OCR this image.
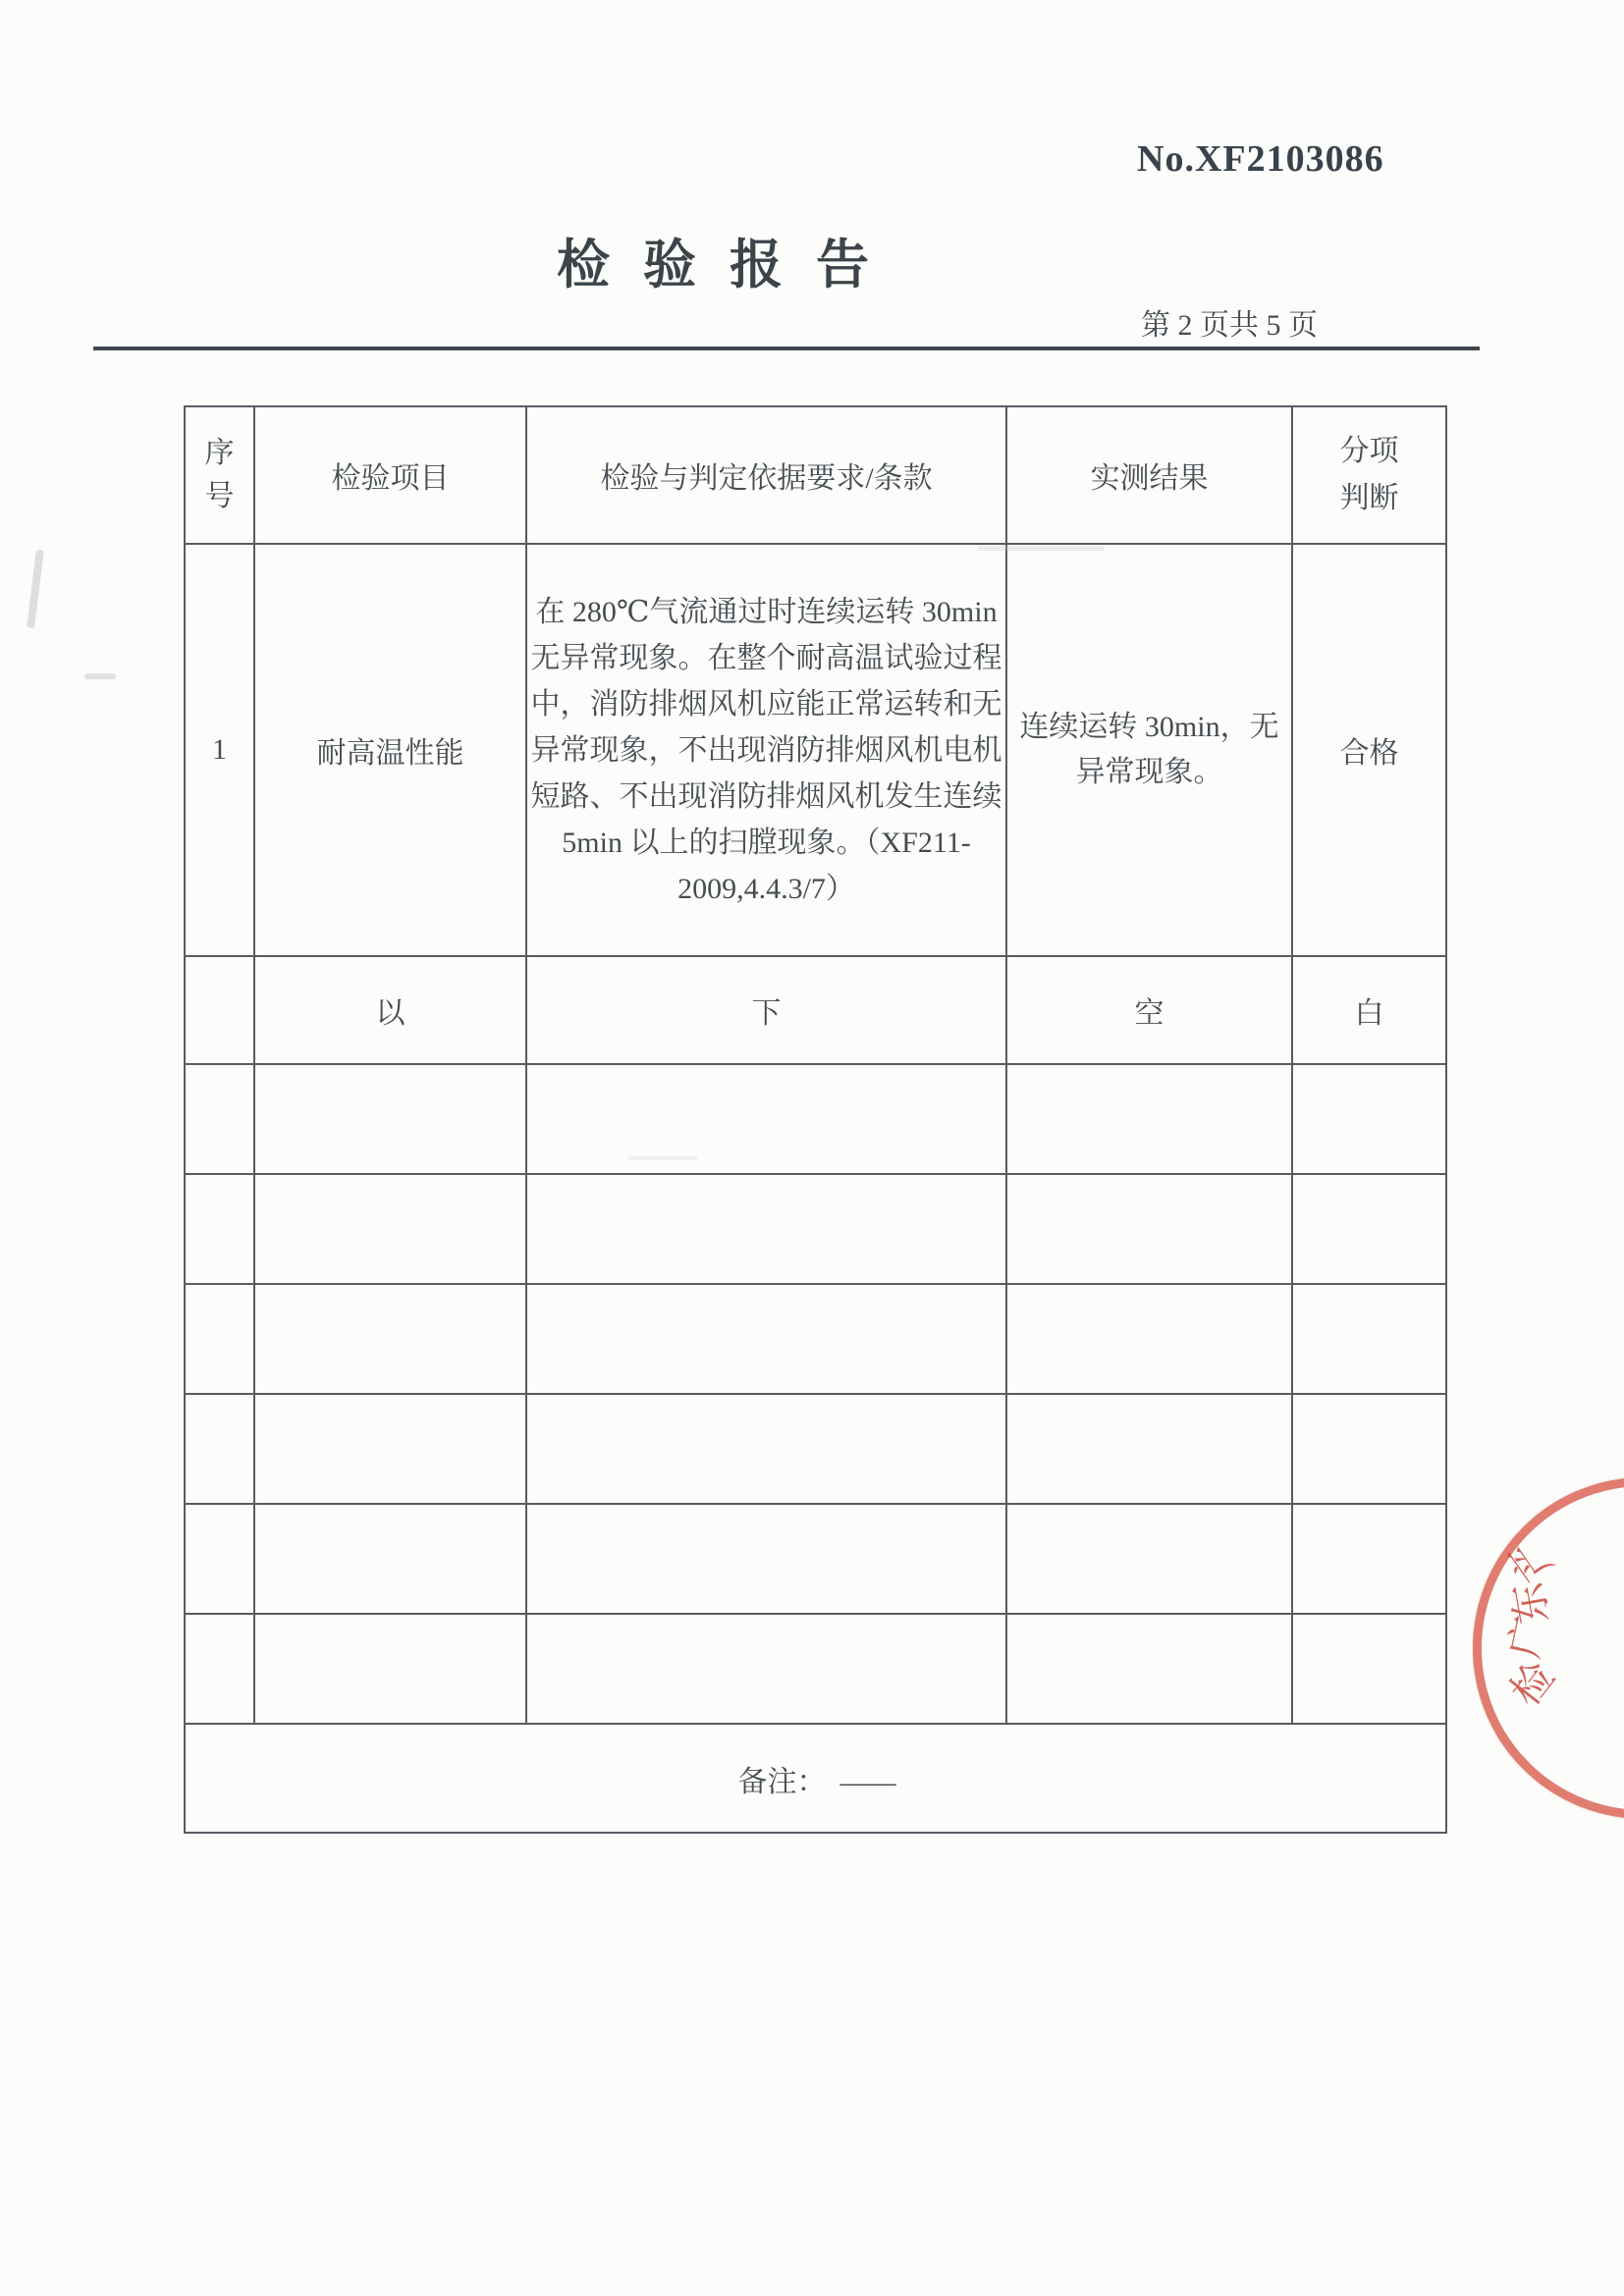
No.XF2103086
检验报告
第 2 页共 5 页
序号	检验项目	检验与判定依据要求/条款	实测结果	分项判断
1	耐高温性能	在 280℃气流通过时连续运转 30min 无异常现象。在整个耐高温试验过程中，消防排烟风机应能正常运转和无异常现象，不出现消防排烟风机电机短路、不出现消防排烟风机发生连续 5min 以上的扫膛现象。（XF211-2009,4.4.3/7）	连续运转 30min，无异常现象。	合格
	以	下	空	白

备注： ——				
产
东
广
检
